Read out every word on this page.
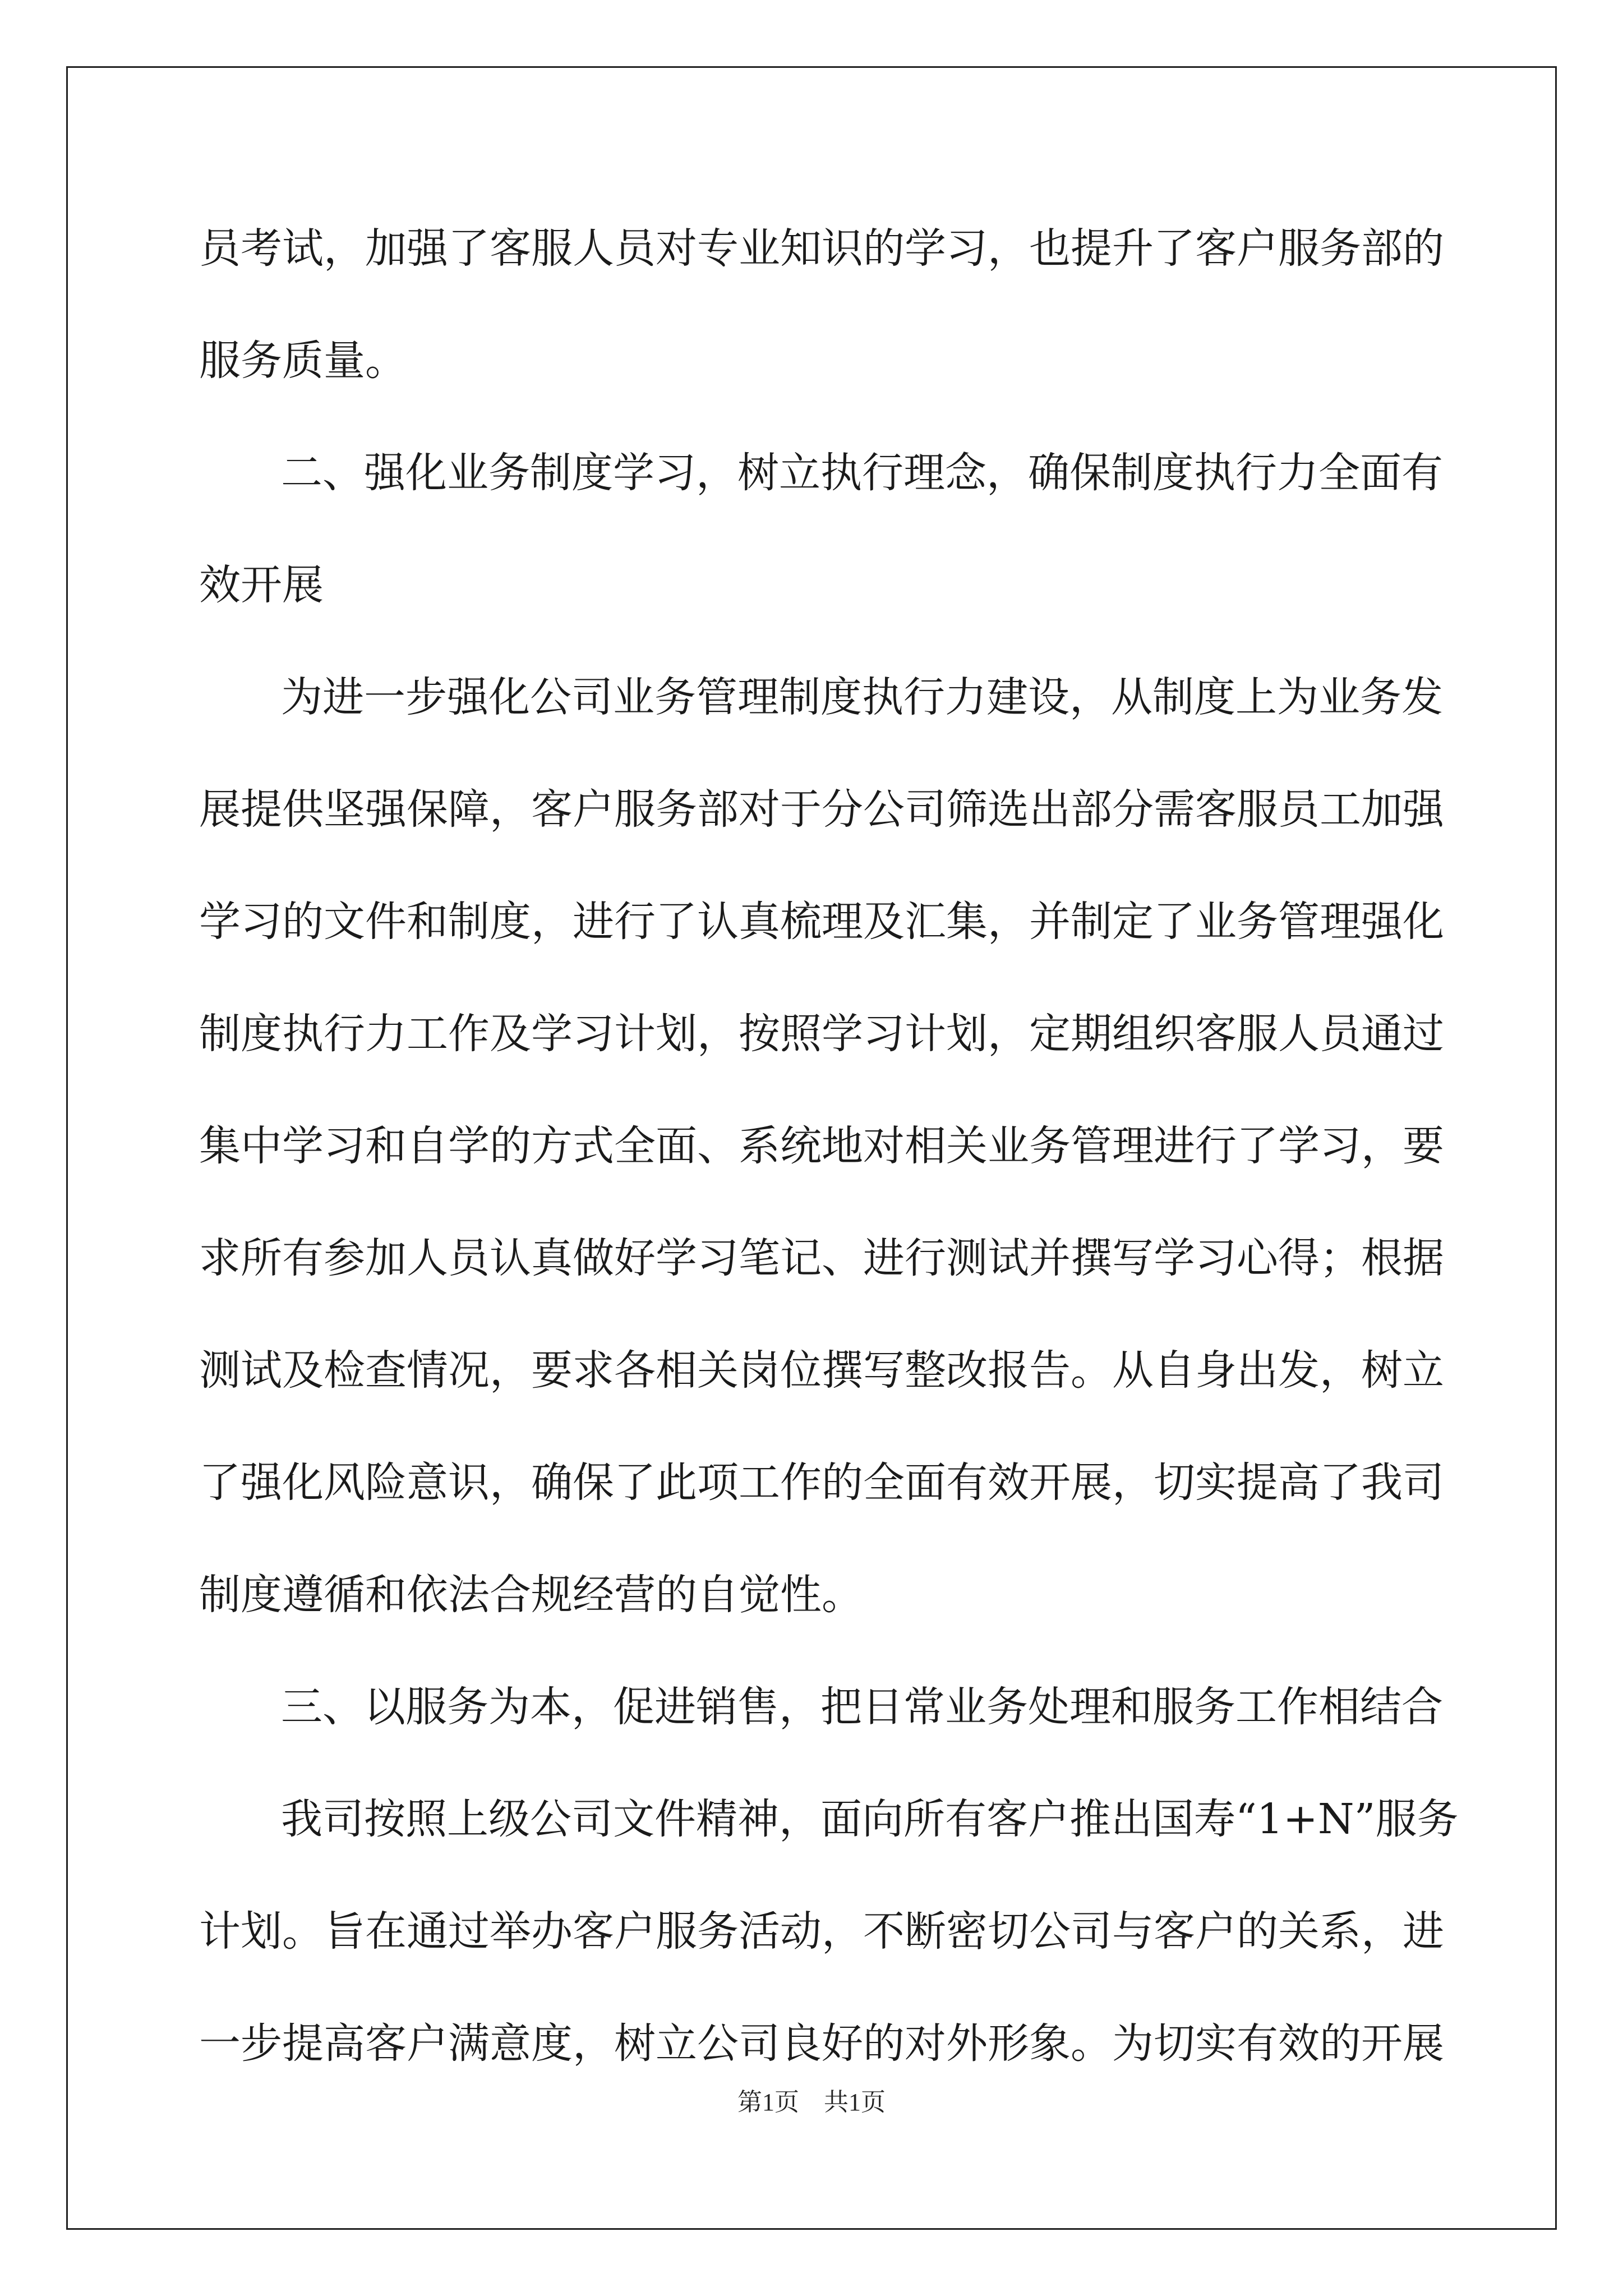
员考试，加强了客服人员对专业知识的学习，也提升了客户服务部的
服务质量。
二、强化业务制度学习，树立执行理念，确保制度执行力全面有
效开展
为进一步强化公司业务管理制度执行力建设，从制度上为业务发
展提供坚强保障，客户服务部对于分公司筛选出部分需客服员工加强
学习的文件和制度，进行了认真梳理及汇集，并制定了业务管理强化
制度执行力工作及学习计划，按照学习计划，定期组织客服人员通过
集中学习和自学的方式全面、系统地对相关业务管理进行了学习，要
求所有参加人员认真做好学习笔记、进行测试并撰写学习心得；根据
测试及检查情况，要求各相关岗位撰写整改报告。从自身出发，树立
了强化风险意识，确保了此项工作的全面有效开展，切实提高了我司
制度遵循和依法合规经营的自觉性。
三、以服务为本，促进销售，把日常业务处理和服务工作相结合
我司按照上级公司文件精神，面向所有客户推出国寿“1+N”服务
计划。旨在通过举办客户服务活动，不断密切公司与客户的关系，进
一步提高客户满意度，树立公司良好的对外形象。为切实有效的开展
第1页 共1页
